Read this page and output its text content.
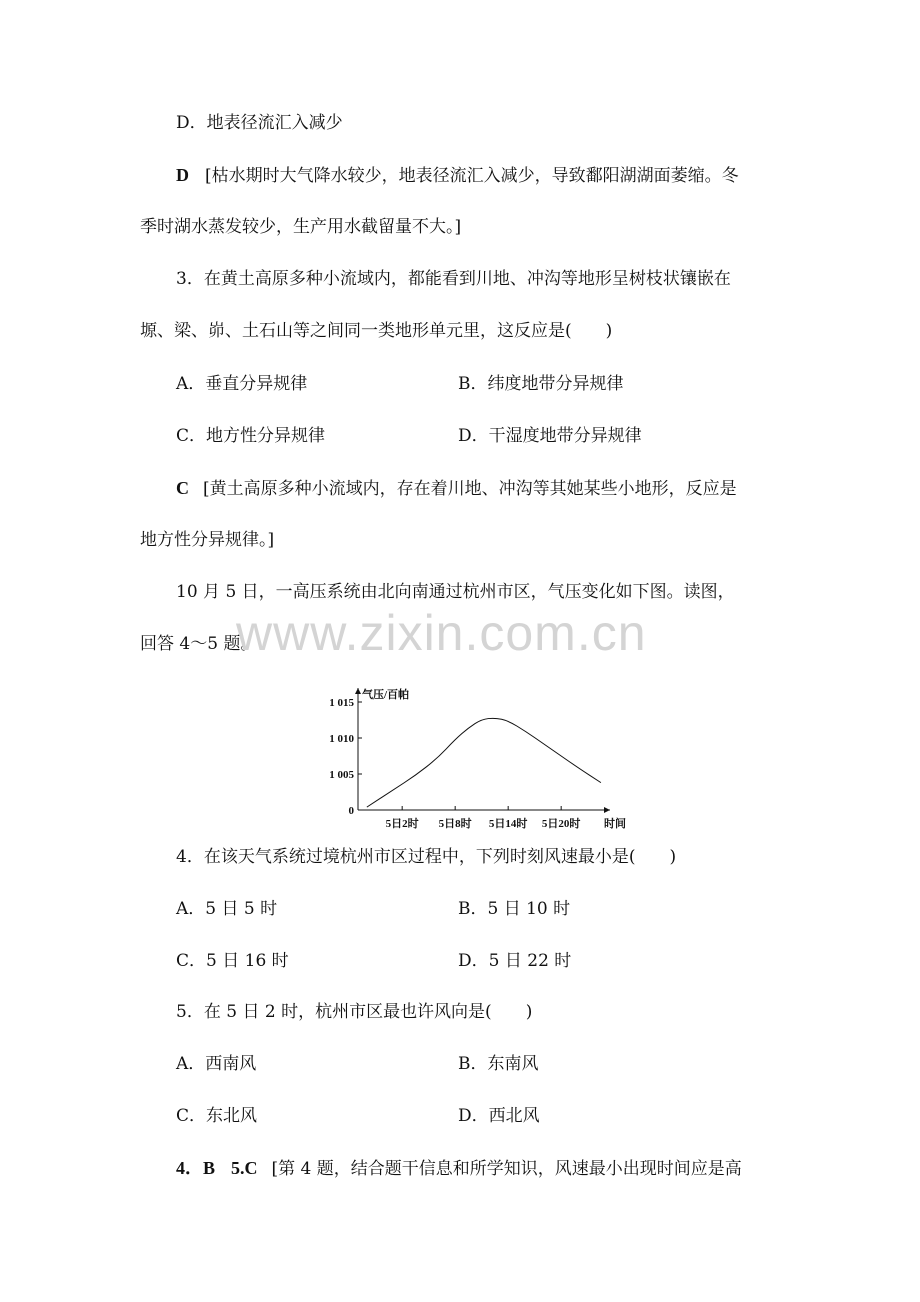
D．地表径流汇入减少
D [枯水期时大气降水较少，地表径流汇入减少，导致鄱阳湖湖面萎缩。冬
季时湖水蒸发较少，生产用水截留量不大。]
3．在黄土高原多种小流域内，都能看到川地、冲沟等地形呈树枝状镶嵌在
塬、梁、峁、土石山等之间同一类地形单元里，这反应是(　　)
A．垂直分异规律	B．纬度地带分异规律
C．地方性分异规律	D．干湿度地带分异规律
C [黄土高原多种小流域内，存在着川地、冲沟等其她某些小地形，反应是
地方性分异规律。]
10 月 5 日，一高压系统由北向南通过杭州市区，气压变化如下图。读图，
回答 4～5 题。
www.zixin.com.cn
气压/百帕
时间
1 015
1 010
1 005
0
5日2时 5日8时 5日14时 5日20时
4．在该天气系统过境杭州市区过程中，下列时刻风速最小是(　　)
A．5 日 5 时	B．5 日 10 时
C．5 日 16 时	D．5 日 22 时
5．在 5 日 2 时，杭州市区最也许风向是(　　)
A．西南风	B．东南风
C．东北风	D．西北风
4．B 5.C [第 4 题，结合题干信息和所学知识，风速最小出现时间应是高
